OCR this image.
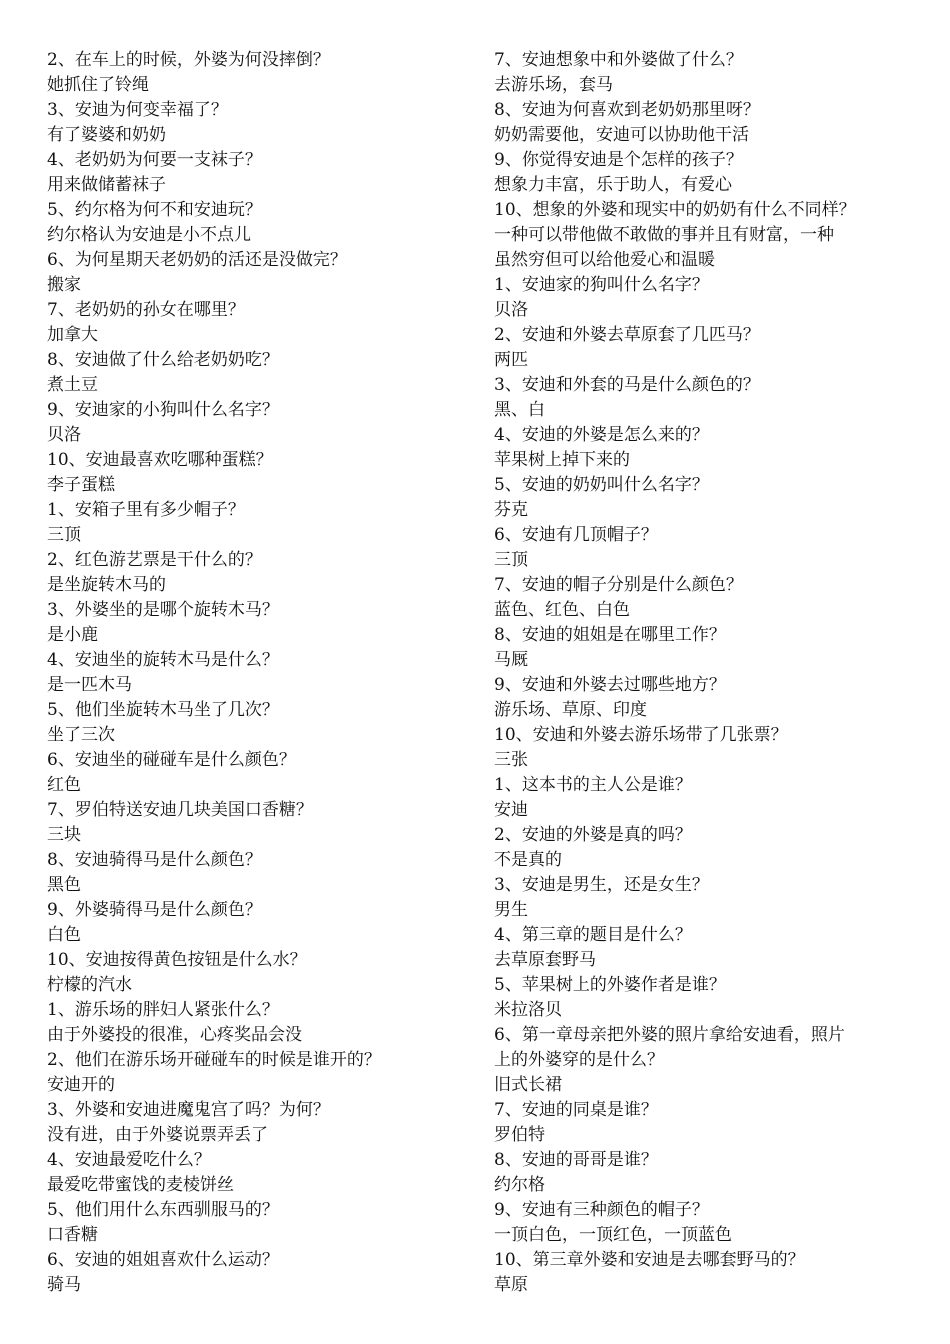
2、在车上的时候，外婆为何没摔倒？
她抓住了铃绳
3、安迪为何变幸福了？
有了婆婆和奶奶
4、老奶奶为何要一支袜子？
用来做储蓄袜子
5、约尔格为何不和安迪玩？
约尔格认为安迪是小不点儿
6、为何星期天老奶奶的活还是没做完？
搬家
7、老奶奶的孙女在哪里？
加拿大
8、安迪做了什么给老奶奶吃？
煮土豆
9、安迪家的小狗叫什么名字？
贝洛
10、安迪最喜欢吃哪种蛋糕？
李子蛋糕
1、安箱子里有多少帽子？
三顶
2、红色游艺票是干什么的？
是坐旋转木马的
3、外婆坐的是哪个旋转木马？
是小鹿
4、安迪坐的旋转木马是什么？
是一匹木马
5、他们坐旋转木马坐了几次？
坐了三次
6、安迪坐的碰碰车是什么颜色？
红色
7、罗伯特送安迪几块美国口香糖？
三块
8、安迪骑得马是什么颜色？
黑色
9、外婆骑得马是什么颜色？
白色
10、安迪按得黄色按钮是什么水？
柠檬的汽水
1、游乐场的胖妇人紧张什么？
由于外婆投的很准，心疼奖品会没
2、他们在游乐场开碰碰车的时候是谁开的？
安迪开的
3、外婆和安迪进魔鬼宫了吗？为何？
没有进，由于外婆说票弄丢了
4、安迪最爱吃什么？
最爱吃带蜜饯的麦棱饼丝
5、他们用什么东西驯服马的？
口香糖
6、安迪的姐姐喜欢什么运动？
骑马
7、安迪想象中和外婆做了什么？
去游乐场，套马
8、安迪为何喜欢到老奶奶那里呀？
奶奶需要他，安迪可以协助他干活
9、你觉得安迪是个怎样的孩子？
想象力丰富，乐于助人，有爱心
10、想象的外婆和现实中的奶奶有什么不同样？
一种可以带他做不敢做的事并且有财富，一种
虽然穷但可以给他爱心和温暖
1、安迪家的狗叫什么名字？
贝洛
2、安迪和外婆去草原套了几匹马？
两匹
3、安迪和外套的马是什么颜色的？
黑、白
4、安迪的外婆是怎么来的？
苹果树上掉下来的
5、安迪的奶奶叫什么名字？
芬克
6、安迪有几顶帽子？
三顶
7、安迪的帽子分别是什么颜色？
蓝色、红色、白色
8、安迪的姐姐是在哪里工作？
马厩
9、安迪和外婆去过哪些地方？
游乐场、草原、印度
10、安迪和外婆去游乐场带了几张票？
三张
1、这本书的主人公是谁？
安迪
2、安迪的外婆是真的吗？
不是真的
3、安迪是男生，还是女生？
男生
4、第三章的题目是什么？
去草原套野马
5、苹果树上的外婆作者是谁？
米拉洛贝
6、第一章母亲把外婆的照片拿给安迪看，照片
上的外婆穿的是什么？
旧式长裙
7、安迪的同桌是谁？
罗伯特
8、安迪的哥哥是谁？
约尔格
9、安迪有三种颜色的帽子？
一顶白色，一顶红色，一顶蓝色
10、第三章外婆和安迪是去哪套野马的？
草原
